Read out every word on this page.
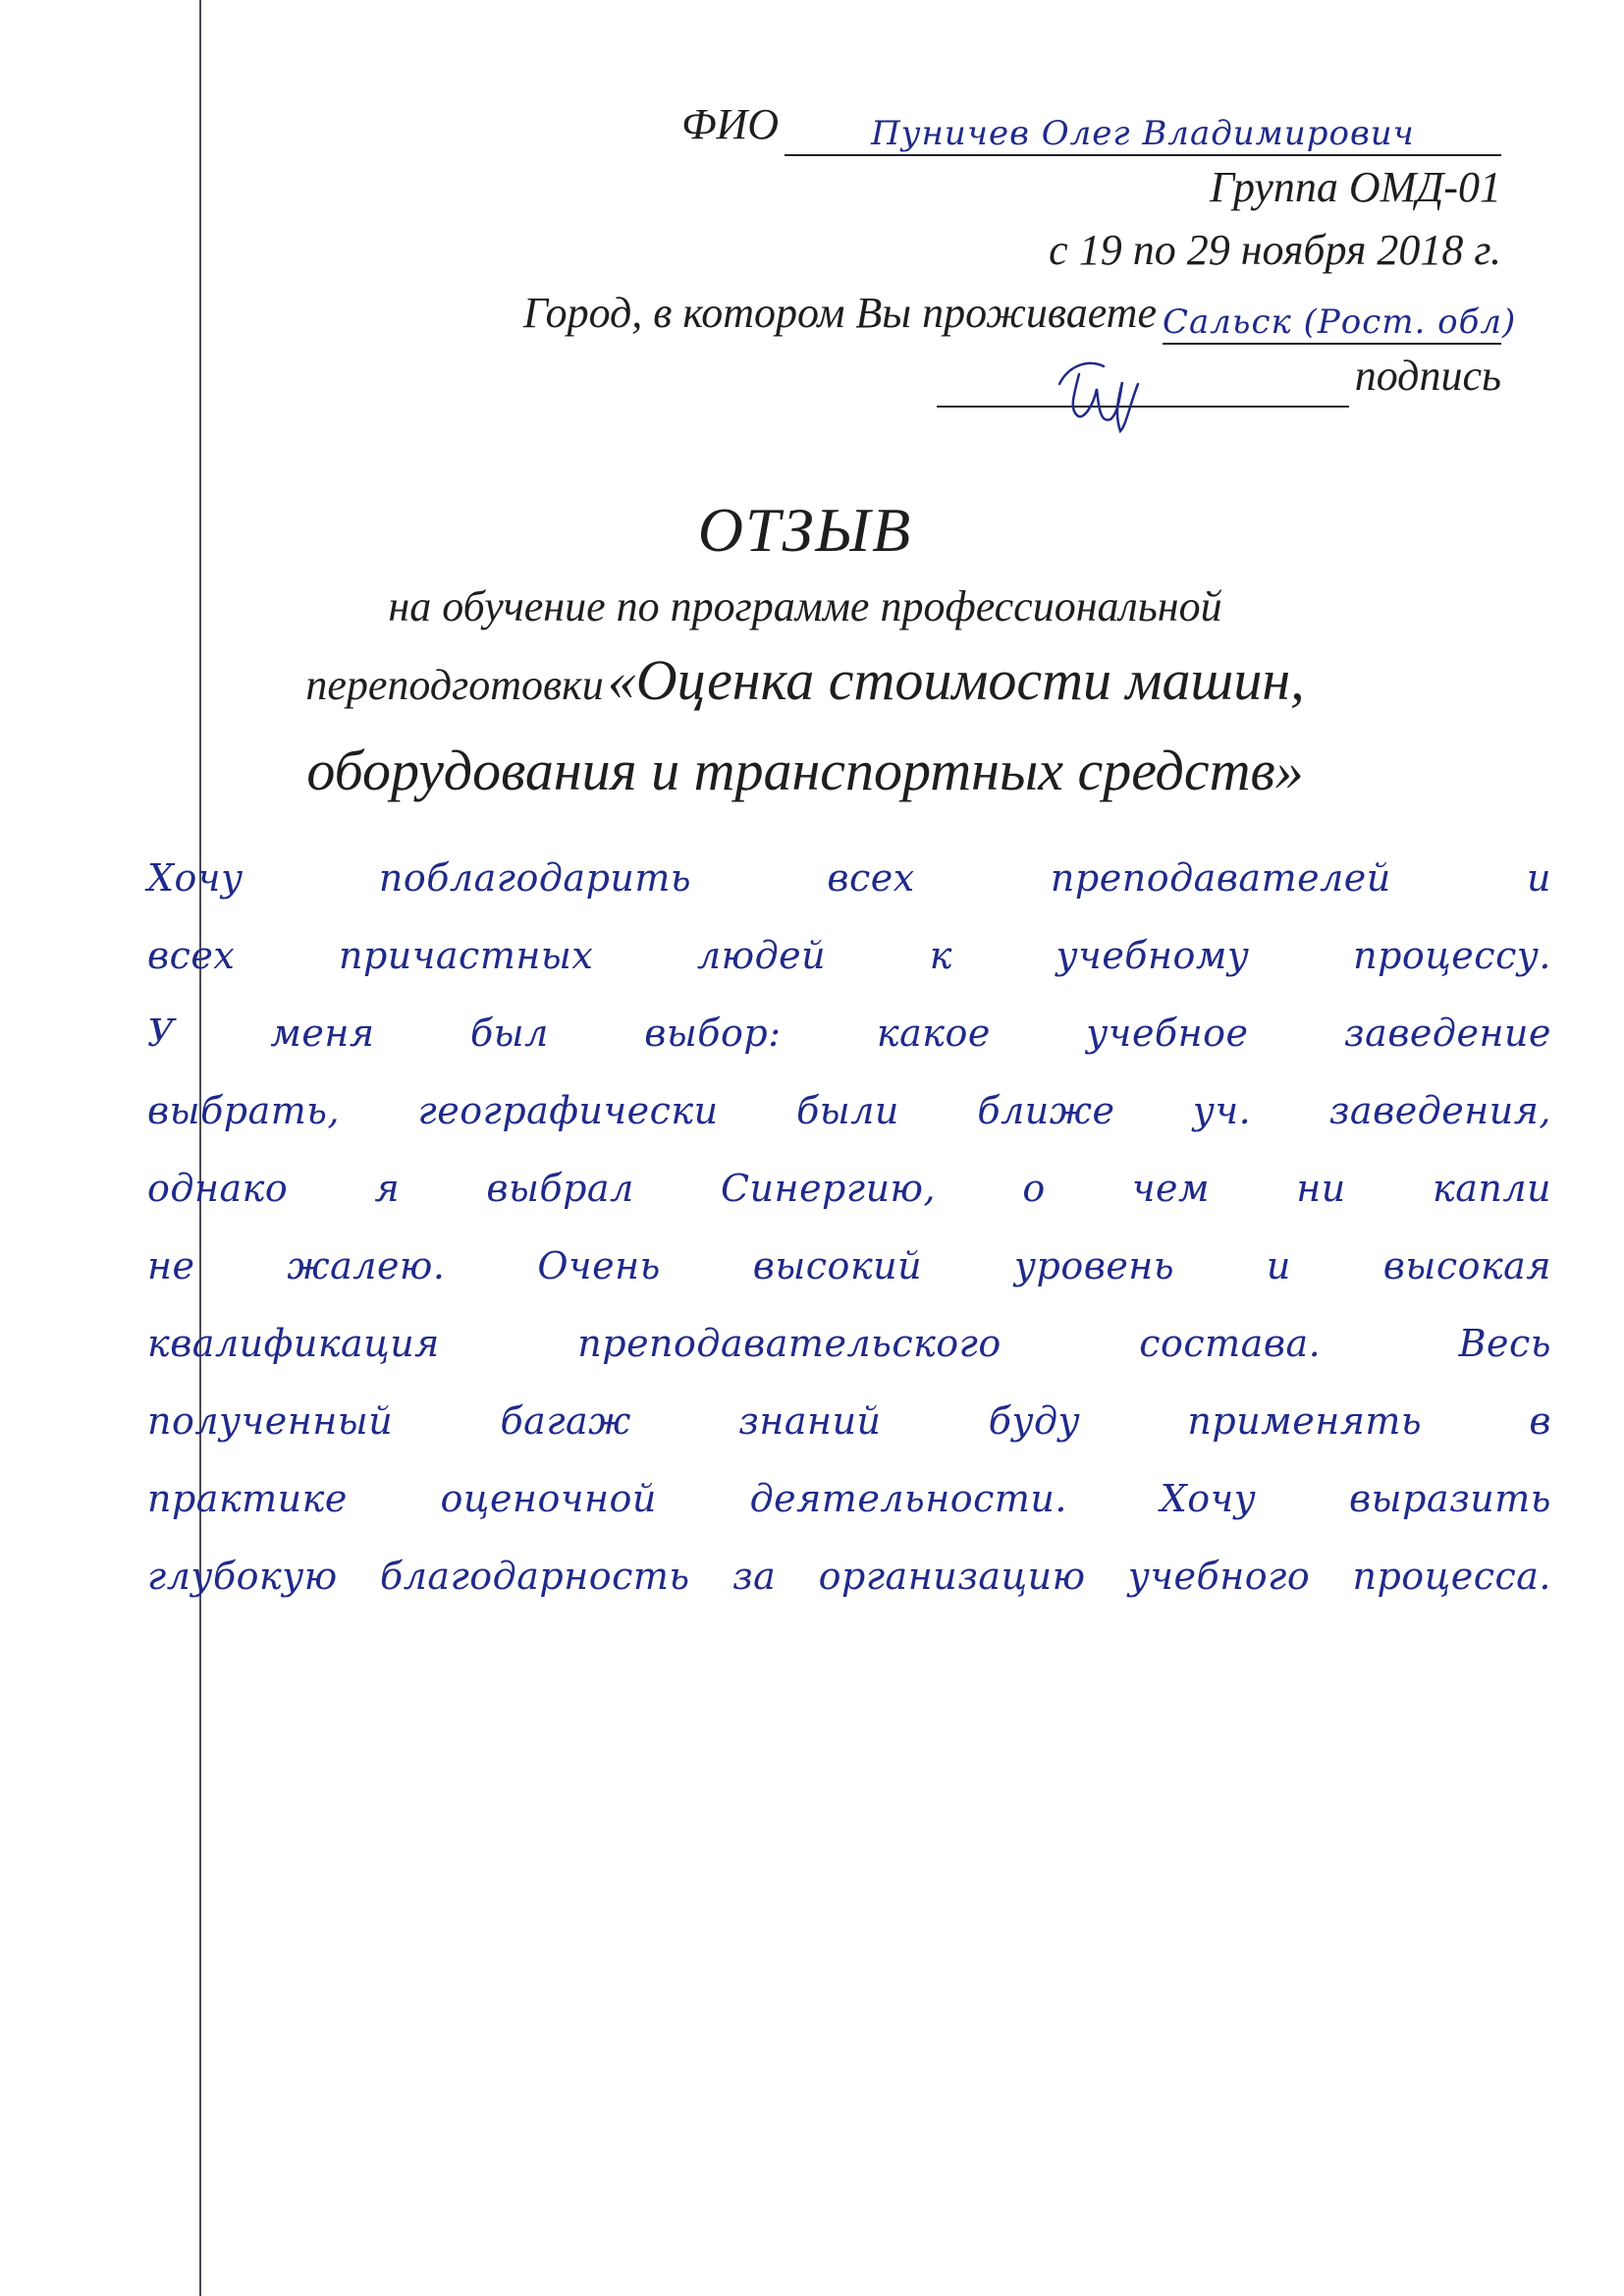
ФИО	Пуничев Олег Владимирович
Группа ОМД-01
с 19 по 29 ноября 2018 г.
Город, в котором Вы проживаете Сальск (Рост. обл)
подпись
ОТЗЫВ
на обучение по программе профессиональной
переподготовки «Оценка стоимости машин,
оборудования и транспортных средств»
Хочу поблагодарить всех преподавателей и
всех причастных людей к учебному процессу.
У меня был выбор: какое учебное заведение
выбрать, географически были ближе уч. заведения,
однако я выбрал Синергию, о чем ни капли
не жалею. Очень высокий уровень и высокая
квалификация преподавательского состава. Весь
полученный багаж знаний буду применять в
практике оценочной деятельности. Хочу выразить
глубокую благодарность за организацию учебного процесса.
